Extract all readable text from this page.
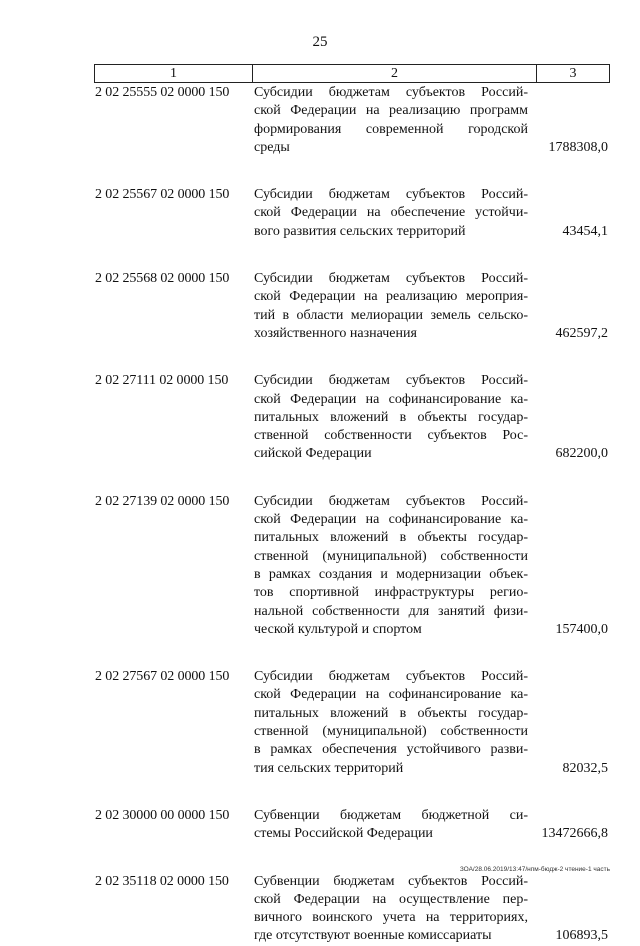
25
1	2	3
2 02 25555 02 0000 150	Субсидии бюджетам субъектов Россий-
ской Федерации на реализацию программ
формирования современной городской
среды	1788308,0
2 02 25567 02 0000 150	Субсидии бюджетам субъектов Россий-
ской Федерации на обеспечение устойчи-
вого развития сельских территорий	43454,1
2 02 25568 02 0000 150	Субсидии бюджетам субъектов Россий-
ской Федерации на реализацию мероприя-
тий в области мелиорации земель сельско-
хозяйственного назначения	462597,2
2 02 27111 02 0000 150	Субсидии бюджетам субъектов Россий-
ской Федерации на софинансирование ка-
питальных вложений в объекты государ-
ственной собственности субъектов Рос-
сийской Федерации	682200,0
2 02 27139 02 0000 150	Субсидии бюджетам субъектов Россий-
ской Федерации на софинансирование ка-
питальных вложений в объекты государ-
ственной (муниципальной) собственности
в рамках создания и модернизации объек-
тов спортивной инфраструктуры регио-
нальной собственности для занятий физи-
ческой культурой и спортом	157400,0
2 02 27567 02 0000 150	Субсидии бюджетам субъектов Россий-
ской Федерации на софинансирование ка-
питальных вложений в объекты государ-
ственной (муниципальной) собственности
в рамках обеспечения устойчивого разви-
тия сельских территорий	82032,5
2 02 30000 00 0000 150	Субвенции бюджетам бюджетной си-
стемы Российской Федерации	13472666,8
2 02 35118 02 0000 150	Субвенции бюджетам субъектов Россий-
ской Федерации на осуществление пер-
вичного воинского учета на территориях,
где отсутствуют военные комиссариаты	106893,5
ЗОА/28.06.2019/13:47/нпм-бюдж-2 чтение-1 часть
